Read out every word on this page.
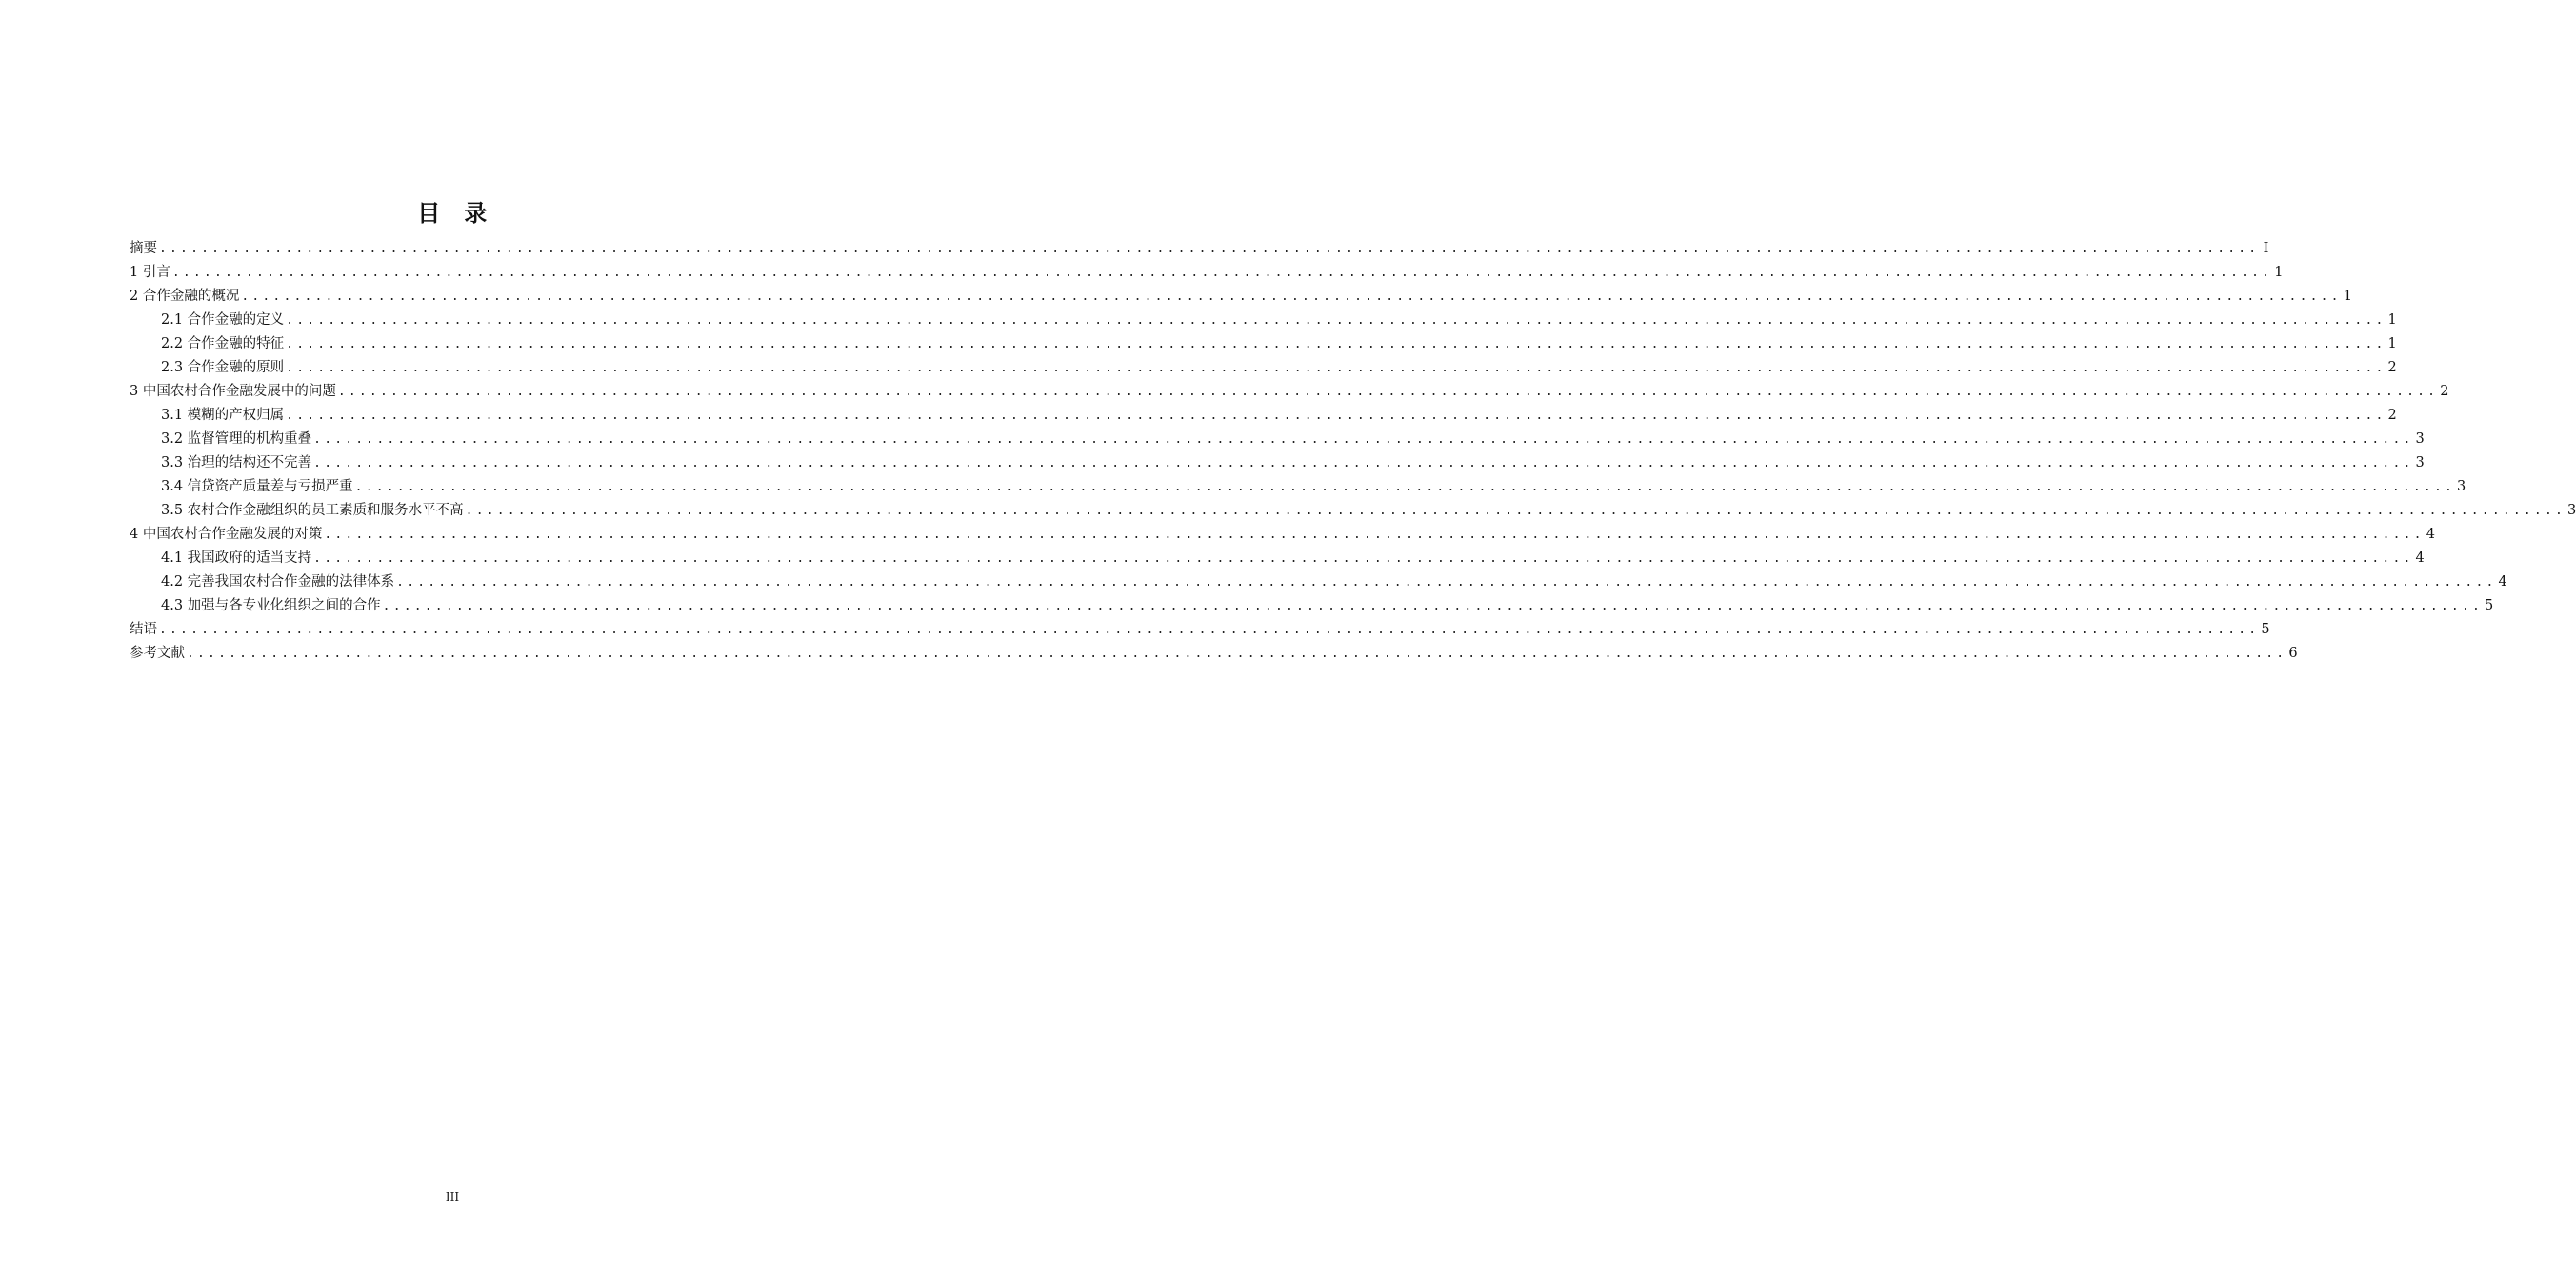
目　录
摘要 ........................................................................................................................................................................................................ I
1 引言 ........................................................................................................................................................................................................ 1
2 合作金融的概况 ........................................................................................................................................................................................................ 1
2.1 合作金融的定义 ........................................................................................................................................................................................................ 1
2.2 合作金融的特征 ........................................................................................................................................................................................................ 1
2.3 合作金融的原则 ........................................................................................................................................................................................................ 2
3 中国农村合作金融发展中的问题 ........................................................................................................................................................................................................ 2
3.1 模糊的产权归属 ........................................................................................................................................................................................................ 2
3.2 监督管理的机构重叠 ........................................................................................................................................................................................................ 3
3.3 治理的结构还不完善 ........................................................................................................................................................................................................ 3
3.4 信贷资产质量差与亏损严重 ........................................................................................................................................................................................................ 3
3.5 农村合作金融组织的员工素质和服务水平不高 ........................................................................................................................................................................................................ 3
4 中国农村合作金融发展的对策 ........................................................................................................................................................................................................ 4
4.1 我国政府的适当支持 ........................................................................................................................................................................................................ 4
4.2 完善我国农村合作金融的法律体系 ........................................................................................................................................................................................................ 4
4.3 加强与各专业化组织之间的合作 ........................................................................................................................................................................................................ 5
结语 ........................................................................................................................................................................................................ 5
参考文献 ........................................................................................................................................................................................................ 6
III
